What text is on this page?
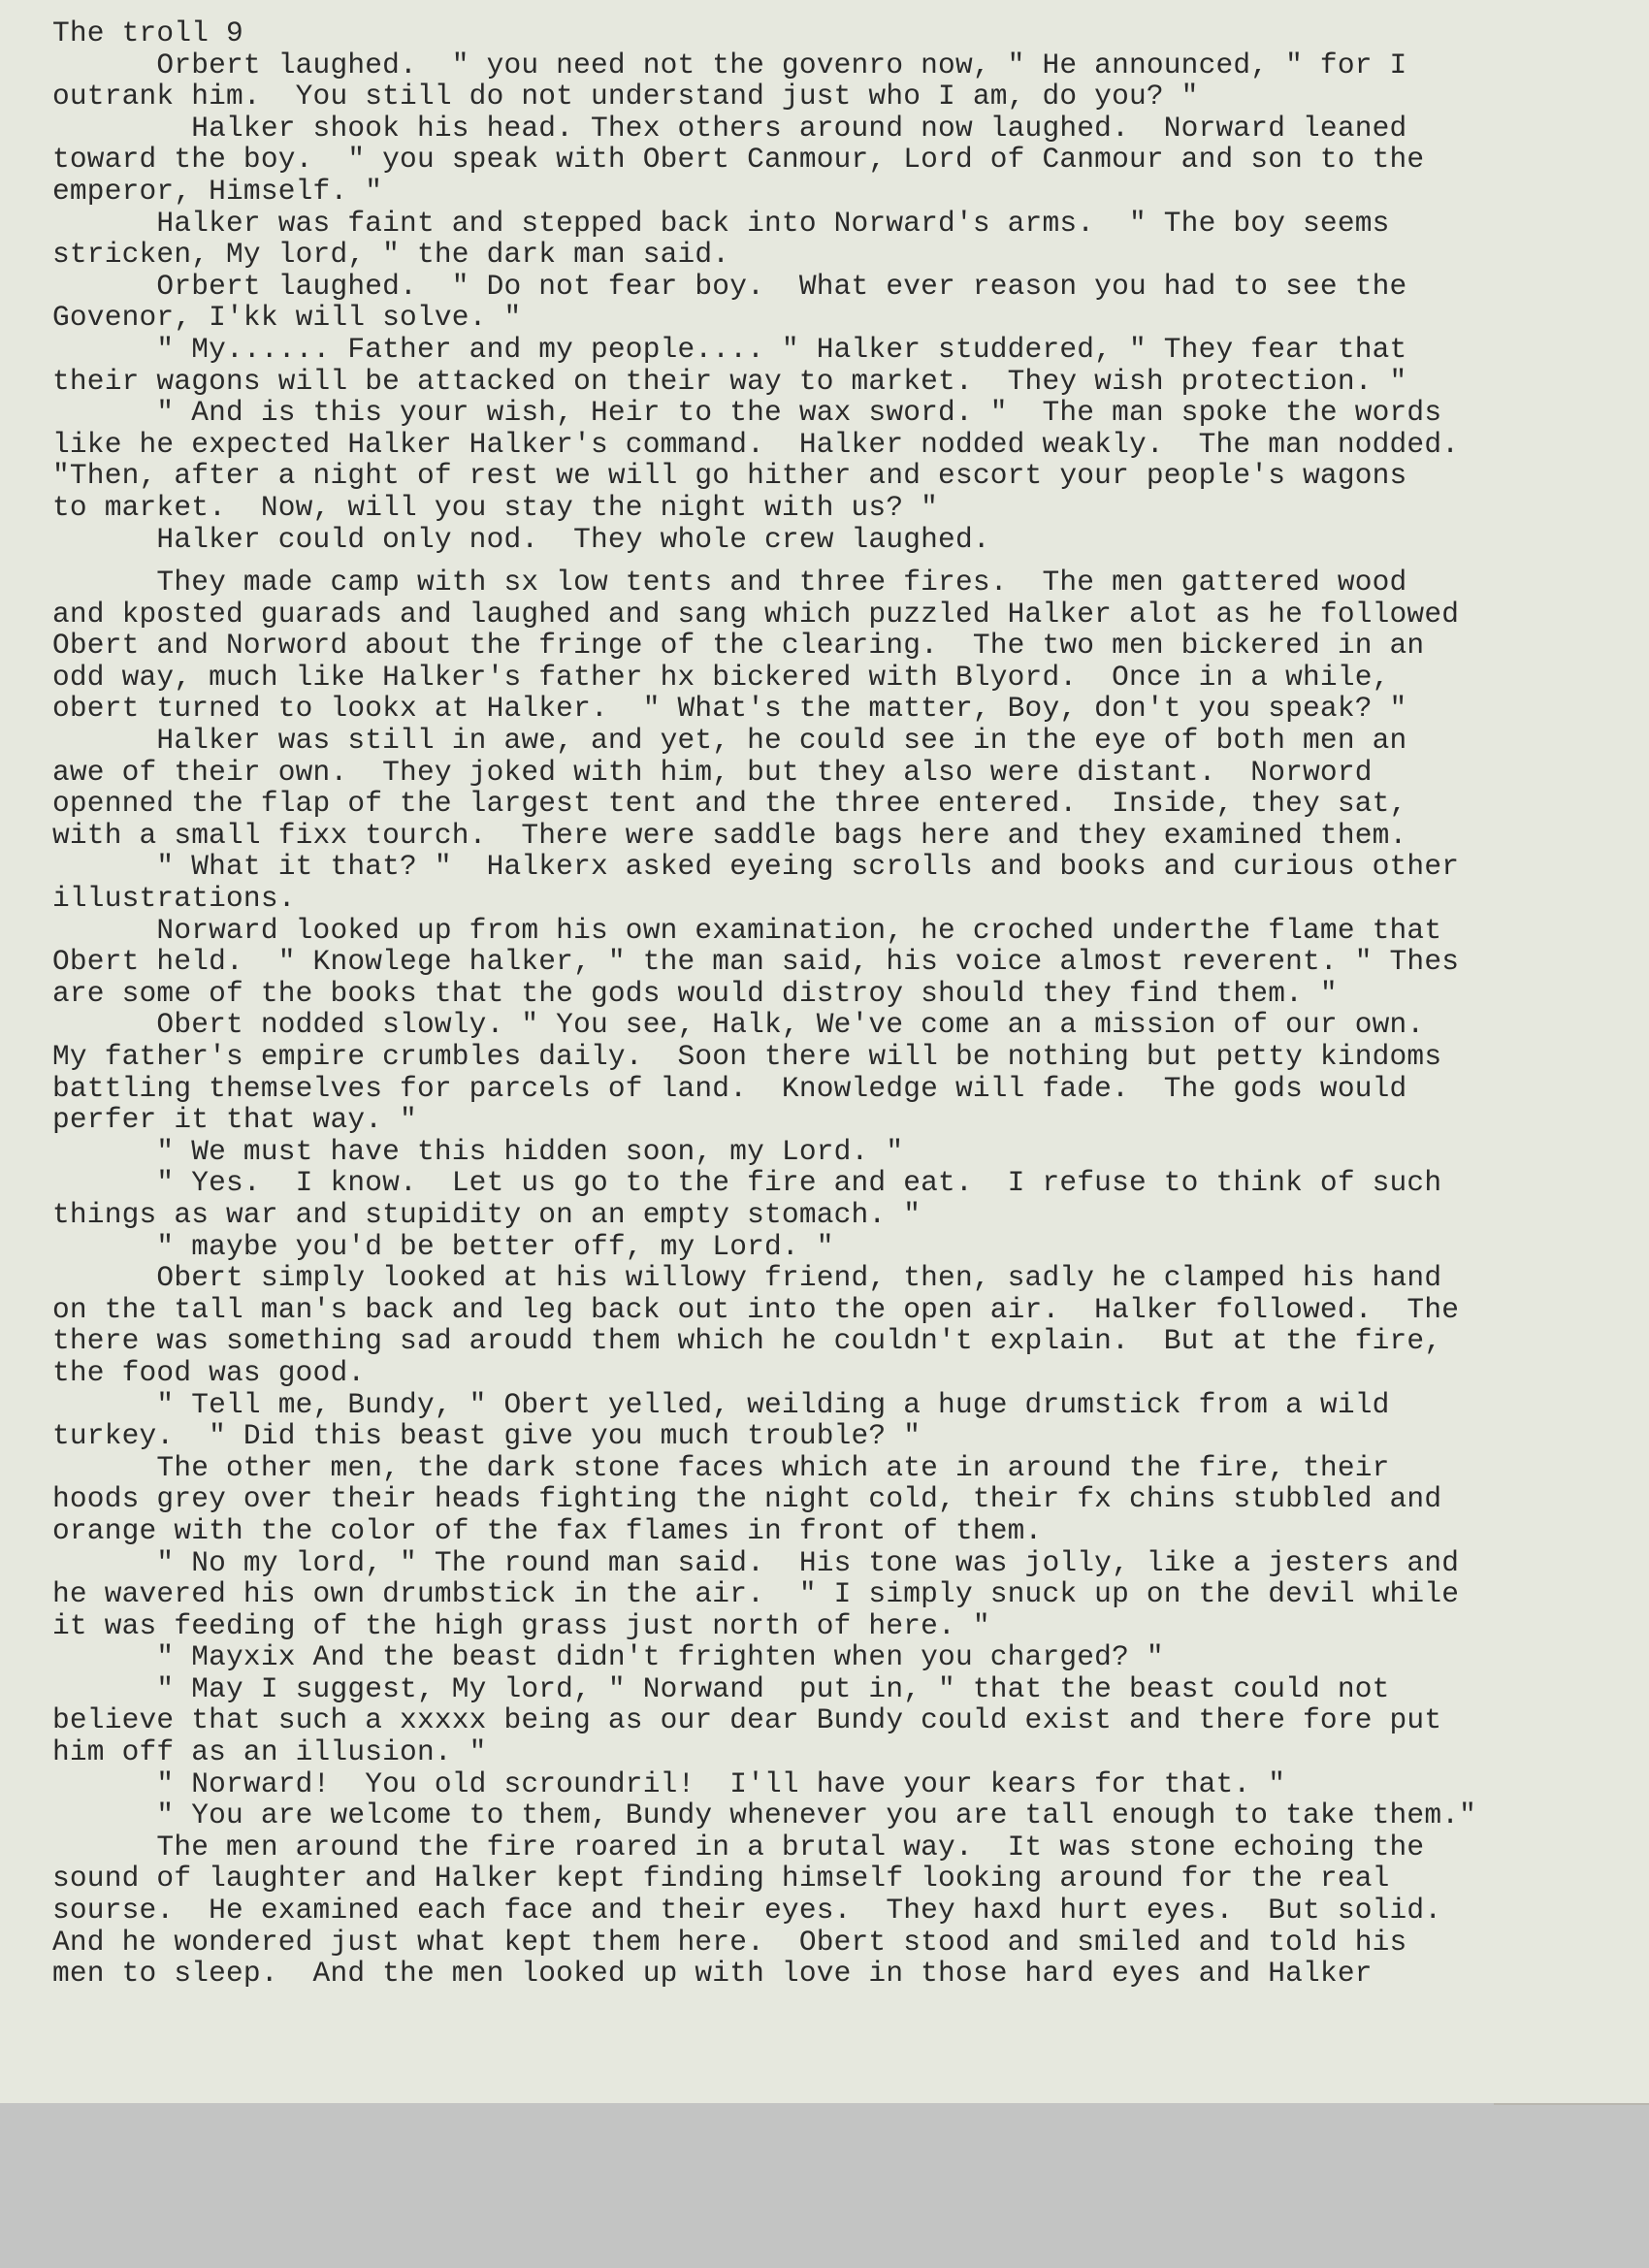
The troll 9
Orbert laughed.  " you need not the govenro now, " He announced, " for I
outrank him.  You still do not understand just who I am, do you? "
Halker shook his head. Thex others around now laughed.  Norward leaned
toward the boy.  " you speak with Obert Canmour, Lord of Canmour and son to the
emperor, Himself. "
Halker was faint and stepped back into Norward's arms.  " The boy seems
stricken, My lord, " the dark man said.
Orbert laughed.  " Do not fear boy.  What ever reason you had to see the
Govenor, I'kk will solve. "
" My...... Father and my people.... " Halker studdered, " They fear that
their wagons will be attacked on their way to market.  They wish protection. "
" And is this your wish, Heir to the wax sword. "  The man spoke the words
like he expected Halker Halker's command.  Halker nodded weakly.  The man nodded.
"Then, after a night of rest we will go hither and escort your people's wagons
to market.  Now, will you stay the night with us? "
Halker could only nod.  They whole crew laughed.
They made camp with sx low tents and three fires.  The men gattered wood
and kposted guarads and laughed and sang which puzzled Halker alot as he followed
Obert and Norword about the fringe of the clearing.  The two men bickered in an
odd way, much like Halker's father hx bickered with Blyord.  Once in a while,
obert turned to lookx at Halker.  " What's the matter, Boy, don't you speak? "
Halker was still in awe, and yet, he could see in the eye of both men an
awe of their own.  They joked with him, but they also were distant.  Norword
openned the flap of the largest tent and the three entered.  Inside, they sat,
with a small fixx tourch.  There were saddle bags here and they examined them.
" What it that? "  Halkerx asked eyeing scrolls and books and curious other
illustrations.
Norward looked up from his own examination, he croched underthe flame that
Obert held.  " Knowlege halker, " the man said, his voice almost reverent. " Thes
are some of the books that the gods would distroy should they find them. "
Obert nodded slowly. " You see, Halk, We've come an a mission of our own.
My father's empire crumbles daily.  Soon there will be nothing but petty kindoms
battling themselves for parcels of land.  Knowledge will fade.  The gods would
perfer it that way. "
" We must have this hidden soon, my Lord. "
" Yes.  I know.  Let us go to the fire and eat.  I refuse to think of such
things as war and stupidity on an empty stomach. "
" maybe you'd be better off, my Lord. "
Obert simply looked at his willowy friend, then, sadly he clamped his hand
on the tall man's back and leg back out into the open air.  Halker followed.  The
there was something sad aroudd them which he couldn't explain.  But at the fire,
the food was good.
" Tell me, Bundy, " Obert yelled, weilding a huge drumstick from a wild
turkey.  " Did this beast give you much trouble? "
The other men, the dark stone faces which ate in around the fire, their
hoods grey over their heads fighting the night cold, their fx chins stubbled and
orange with the color of the fax flames in front of them.
" No my lord, " The round man said.  His tone was jolly, like a jesters and
he wavered his own drumbstick in the air.  " I simply snuck up on the devil while
it was feeding of the high grass just north of here. "
" Mayxix And the beast didn't frighten when you charged? "
" May I suggest, My lord, " Norwand  put in, " that the beast could not
believe that such a xxxxx being as our dear Bundy could exist and there fore put
him off as an illusion. "
" Norward!  You old scroundril!  I'll have your kears for that. "
" You are welcome to them, Bundy whenever you are tall enough to take them."
The men around the fire roared in a brutal way.  It was stone echoing the
sound of laughter and Halker kept finding himself looking around for the real
sourse.  He examined each face and their eyes.  They haxd hurt eyes.  But solid.
And he wondered just what kept them here.  Obert stood and smiled and told his
men to sleep.  And the men looked up with love in those hard eyes and Halker
